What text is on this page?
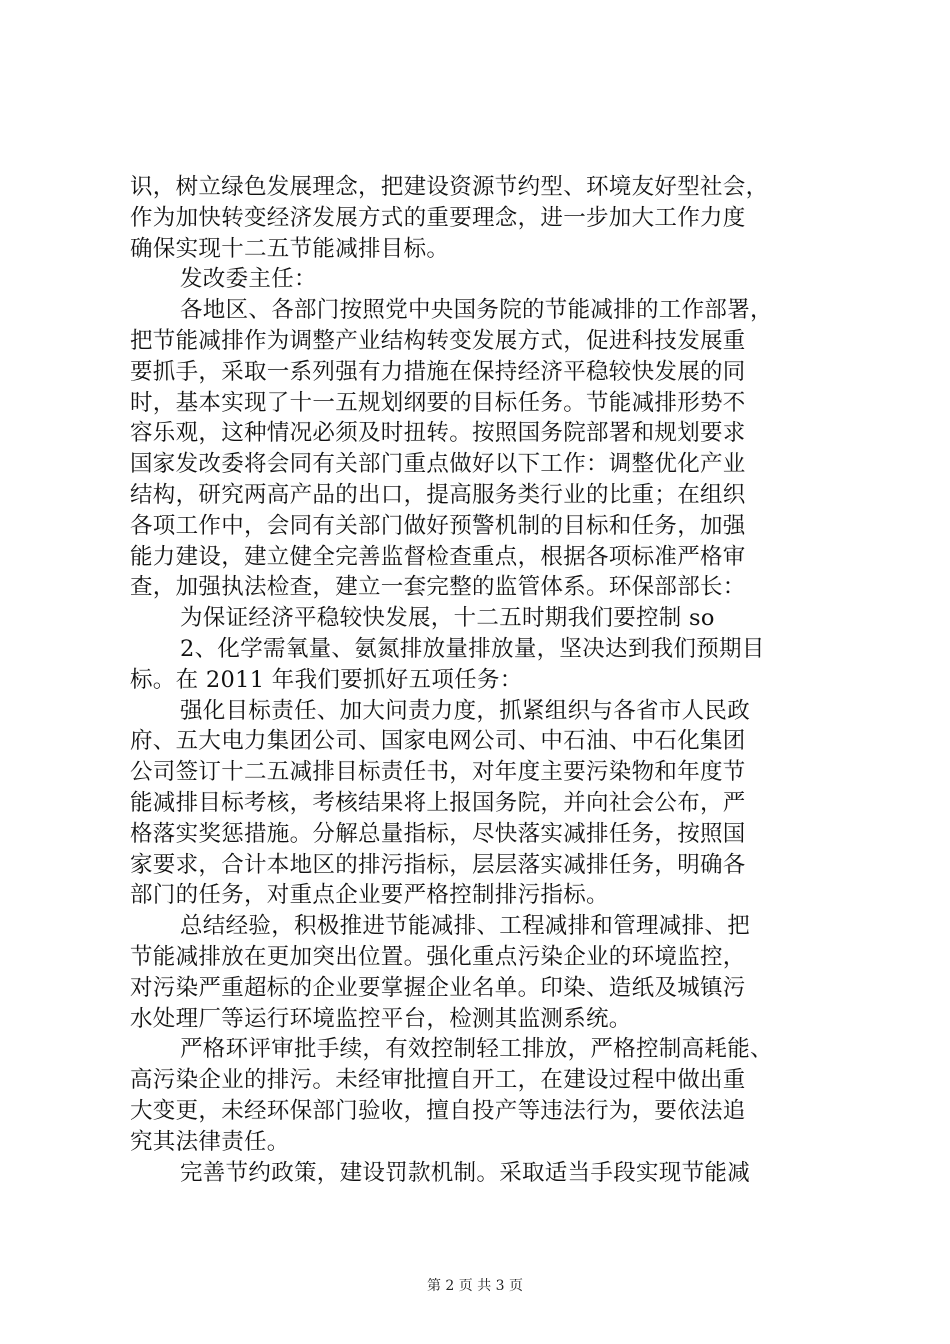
识，树立绿色发展理念，把建设资源节约型、环境友好型社会，
作为加快转变经济发展方式的重要理念，进一步加大工作力度
确保实现十二五节能减排目标。
发改委主任：
各地区、各部门按照党中央国务院的节能减排的工作部署，
把节能减排作为调整产业结构转变发展方式，促进科技发展重
要抓手，采取一系列强有力措施在保持经济平稳较快发展的同
时，基本实现了十一五规划纲要的目标任务。节能减排形势不
容乐观，这种情况必须及时扭转。按照国务院部署和规划要求
国家发改委将会同有关部门重点做好以下工作：调整优化产业
结构，研究两高产品的出口，提高服务类行业的比重；在组织
各项工作中，会同有关部门做好预警机制的目标和任务，加强
能力建设，建立健全完善监督检查重点，根据各项标准严格审
查，加强执法检查，建立一套完整的监管体系。环保部部长：
为保证经济平稳较快发展，十二五时期我们要控制 so
2、化学需氧量、氨氮排放量排放量，坚决达到我们预期目
标。在 2011 年我们要抓好五项任务：
强化目标责任、加大问责力度，抓紧组织与各省市人民政
府、五大电力集团公司、国家电网公司、中石油、中石化集团
公司签订十二五减排目标责任书，对年度主要污染物和年度节
能减排目标考核，考核结果将上报国务院，并向社会公布，严
格落实奖惩措施。分解总量指标，尽快落实减排任务，按照国
家要求，合计本地区的排污指标，层层落实减排任务，明确各
部门的任务，对重点企业要严格控制排污指标。
总结经验，积极推进节能减排、工程减排和管理减排、把
节能减排放在更加突出位置。强化重点污染企业的环境监控，
对污染严重超标的企业要掌握企业名单。印染、造纸及城镇污
水处理厂等运行环境监控平台，检测其监测系统。
严格环评审批手续，有效控制轻工排放，严格控制高耗能、
高污染企业的排污。未经审批擅自开工，在建设过程中做出重
大变更，未经环保部门验收，擅自投产等违法行为，要依法追
究其法律责任。
完善节约政策，建设罚款机制。采取适当手段实现节能减
第 2 页 共 3 页
